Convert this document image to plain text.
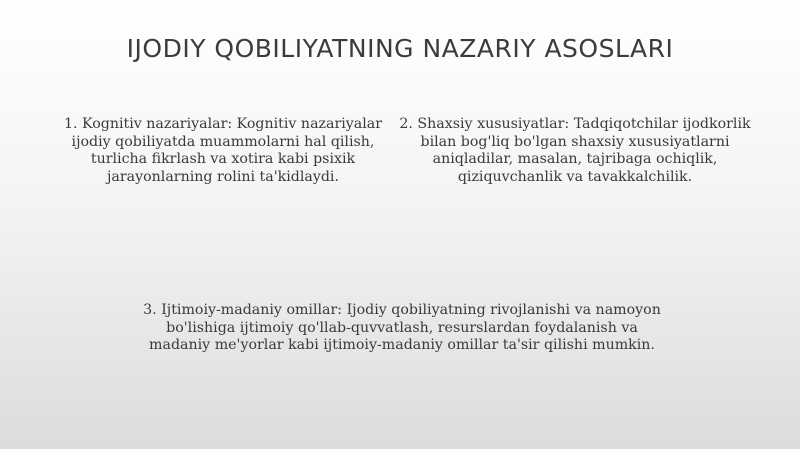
IJODIY QOBILIYATNING NAZARIY ASOSLARI

1. Kognitiv nazariyalar: Kognitiv nazariyalar ijodiy qobiliyatda muammolarni hal qilish, turlicha fikrlash va xotira kabi psixik jarayonlarning rolini ta'kidlaydi.

2. Shaxsiy xususiyatlar: Tadqiqotchilar ijodkorlik bilan bog'liq bo'lgan shaxsiy xususiyatlarni aniqladilar, masalan, tajribaga ochiqlik, qiziquvchanlik va tavakkalchilik.

3. Ijtimoiy-madaniy omillar: Ijodiy qobiliyatning rivojlanishi va namoyon bo'lishiga ijtimoiy qo'llab-quvvatlash, resurslardan foydalanish va madaniy me'yorlar kabi ijtimoiy-madaniy omillar ta'sir qilishi mumkin.
